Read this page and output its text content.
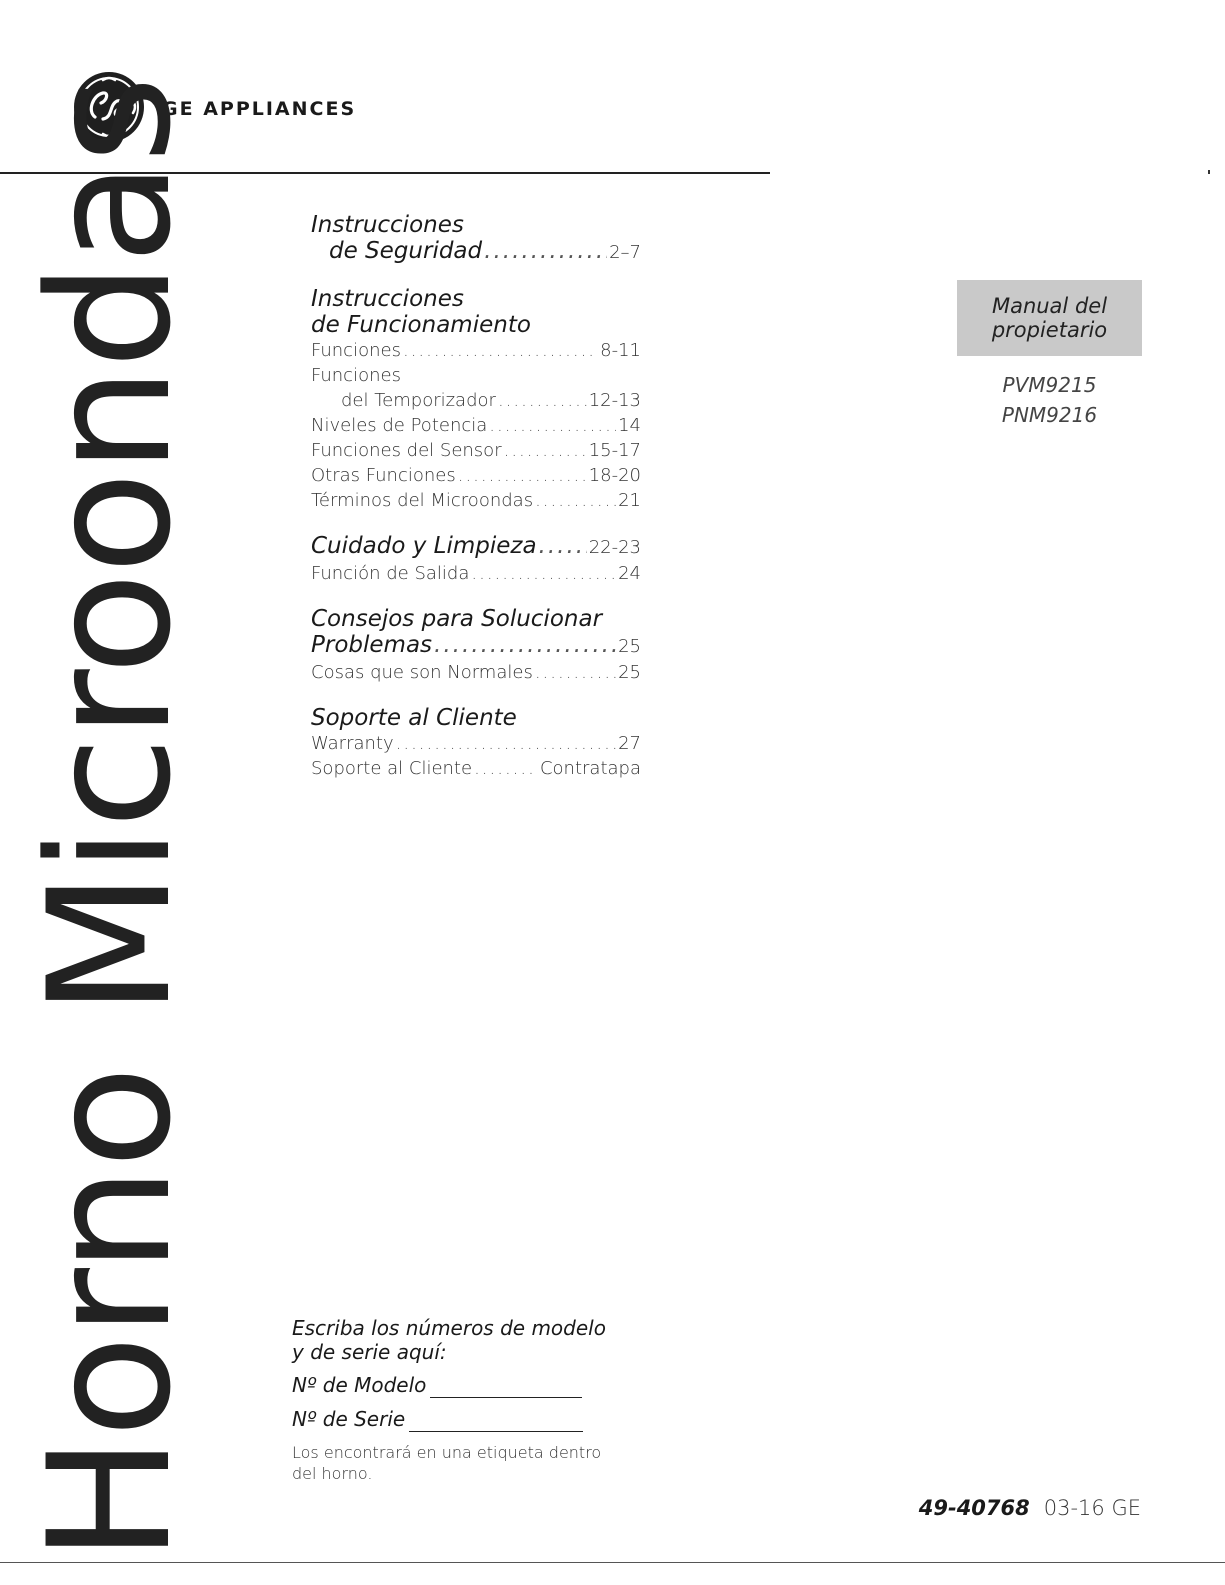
GE APPLIANCES
Horno Microondas	Instrucciones
de Seguridad .....	2–7
Instrucciones
de Funcionamiento
Funciones .....	8-11
Funciones
del Temporizador .....	12-13
Niveles de Potencia .....	14
Funciones del Sensor .....	15-17
Otras Funciones .....	18-20
Términos del Microondas .....	21
Cuidado y Limpieza .....	22-23
Función de Salida .....	24
Consejos para Solucionar
Problemas .....	25
Cosas que son Normales .....	25
Soporte al Cliente
Warranty .....	27
Soporte al Cliente .....	Contratapa
Manual del
propietario
PVM9215
PNM9216
Escriba los números de modelo
y de serie aquí:
Nº de Modelo
Nº de Serie
Los encontrará en una etiqueta dentro del horno.
49-40768 03-16 GE
